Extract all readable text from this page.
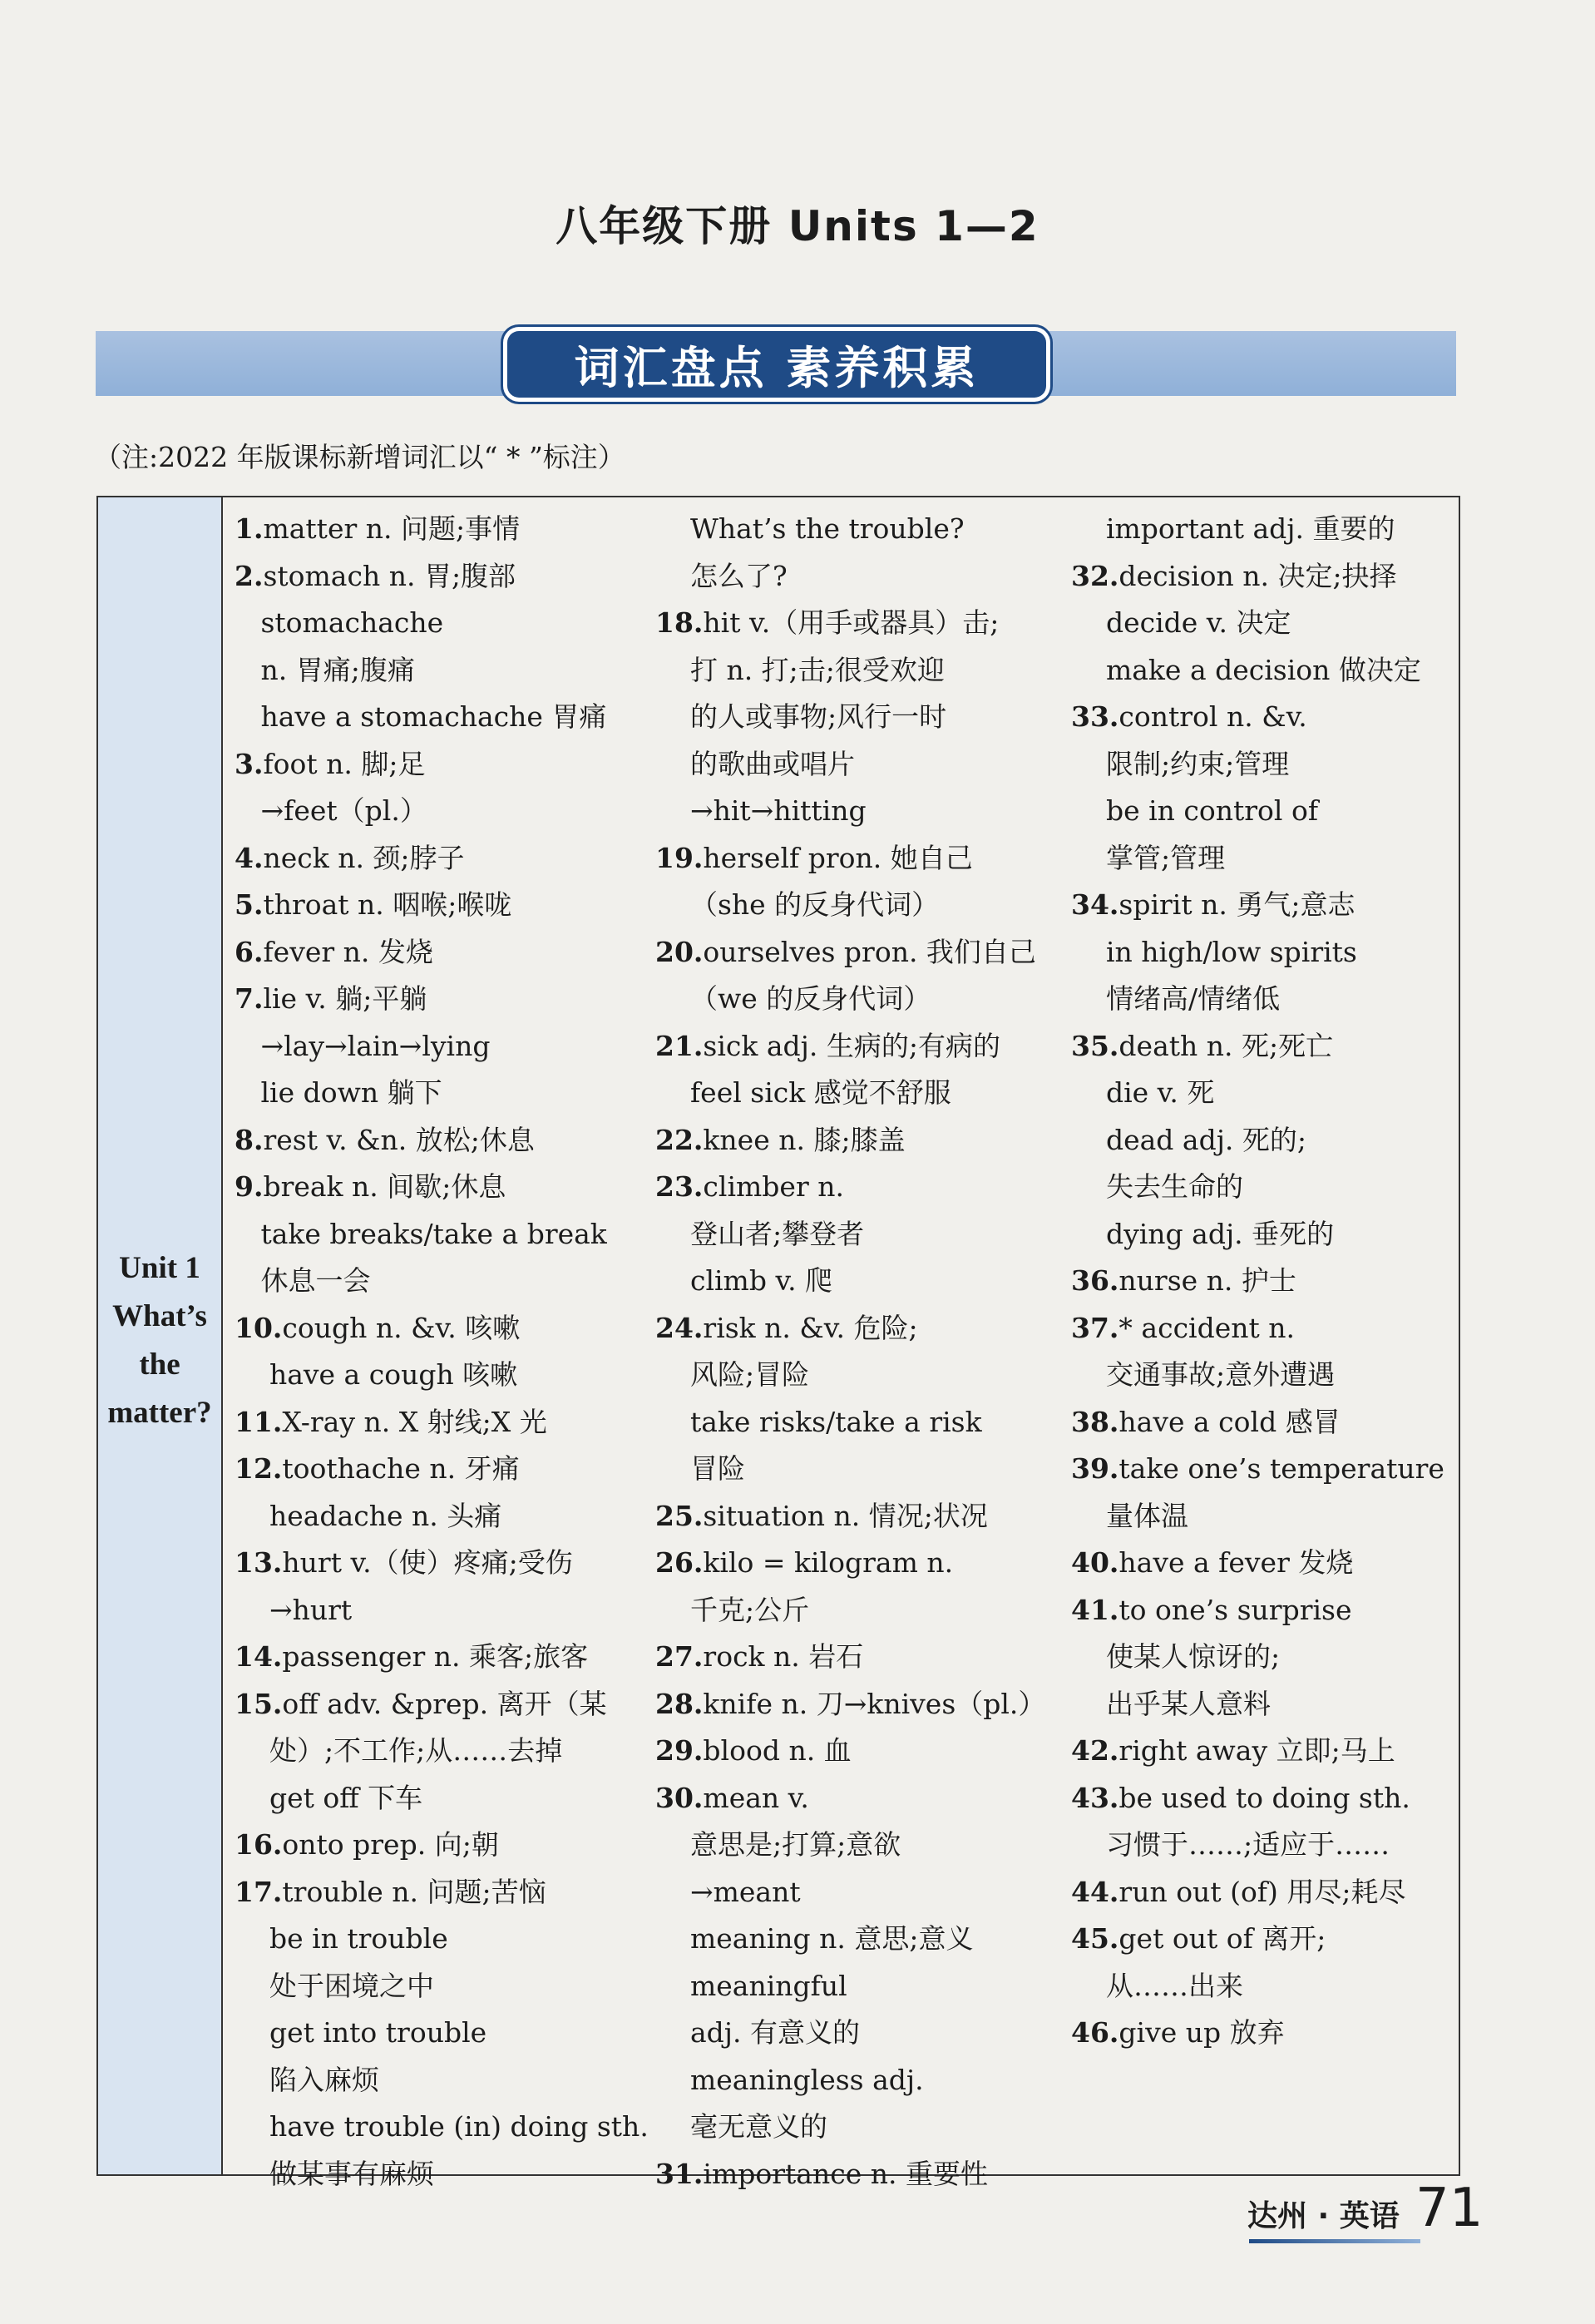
八年级下册 Units 1—2
词汇盘点 素养积累
（注:2022 年版课标新增词汇以“ * ”标注）
Unit 1
What’s
the
matter?
1.matter n. 问题;事情
2.stomach n. 胃;腹部
stomachache
n. 胃痛;腹痛
have a stomachache 胃痛
3.foot n. 脚;足
→feet（pl.）
4.neck n. 颈;脖子
5.throat n. 咽喉;喉咙
6.fever n. 发烧
7.lie v. 躺;平躺
→lay→lain→lying
lie down 躺下
8.rest v. &n. 放松;休息
9.break n. 间歇;休息
take breaks/take a break
休息一会
10.cough n. &v. 咳嗽
have a cough 咳嗽
11.X-ray n. X 射线;X 光
12.toothache n. 牙痛
headache n. 头痛
13.hurt v.（使）疼痛;受伤
→hurt
14.passenger n. 乘客;旅客
15.off adv. &prep. 离开（某
处）;不工作;从……去掉
get off 下车
16.onto prep. 向;朝
17.trouble n. 问题;苦恼
be in trouble
处于困境之中
get into trouble
陷入麻烦
have trouble (in) doing sth.
做某事有麻烦
What’s the trouble?
怎么了?
18.hit v.（用手或器具）击;
打 n. 打;击;很受欢迎
的人或事物;风行一时
的歌曲或唱片
→hit→hitting
19.herself pron. 她自己
（she 的反身代词）
20.ourselves pron. 我们自己
（we 的反身代词）
21.sick adj. 生病的;有病的
feel sick 感觉不舒服
22.knee n. 膝;膝盖
23.climber n.
登山者;攀登者
climb v. 爬
24.risk n. &v. 危险;
风险;冒险
take risks/take a risk
冒险
25.situation n. 情况;状况
26.kilo = kilogram n.
千克;公斤
27.rock n. 岩石
28.knife n. 刀→knives（pl.）
29.blood n. 血
30.mean v.
意思是;打算;意欲
→meant
meaning n. 意思;意义
meaningful
adj. 有意义的
meaningless adj.
毫无意义的
31.importance n. 重要性
important adj. 重要的
32.decision n. 决定;抉择
decide v. 决定
make a decision 做决定
33.control n. &v.
限制;约束;管理
be in control of
掌管;管理
34.spirit n. 勇气;意志
in high/low spirits
情绪高/情绪低
35.death n. 死;死亡
die v. 死
dead adj. 死的;
失去生命的
dying adj. 垂死的
36.nurse n. 护士
37.* accident n.
交通事故;意外遭遇
38.have a cold 感冒
39.take one’s temperature
量体温
40.have a fever 发烧
41.to one’s surprise
使某人惊讶的;
出乎某人意料
42.right away 立即;马上
43.be used to doing sth.
习惯于……;适应于……
44.run out (of) 用尽;耗尽
45.get out of 离开;
从……出来
46.give up 放弃
达州 · 英语 71
